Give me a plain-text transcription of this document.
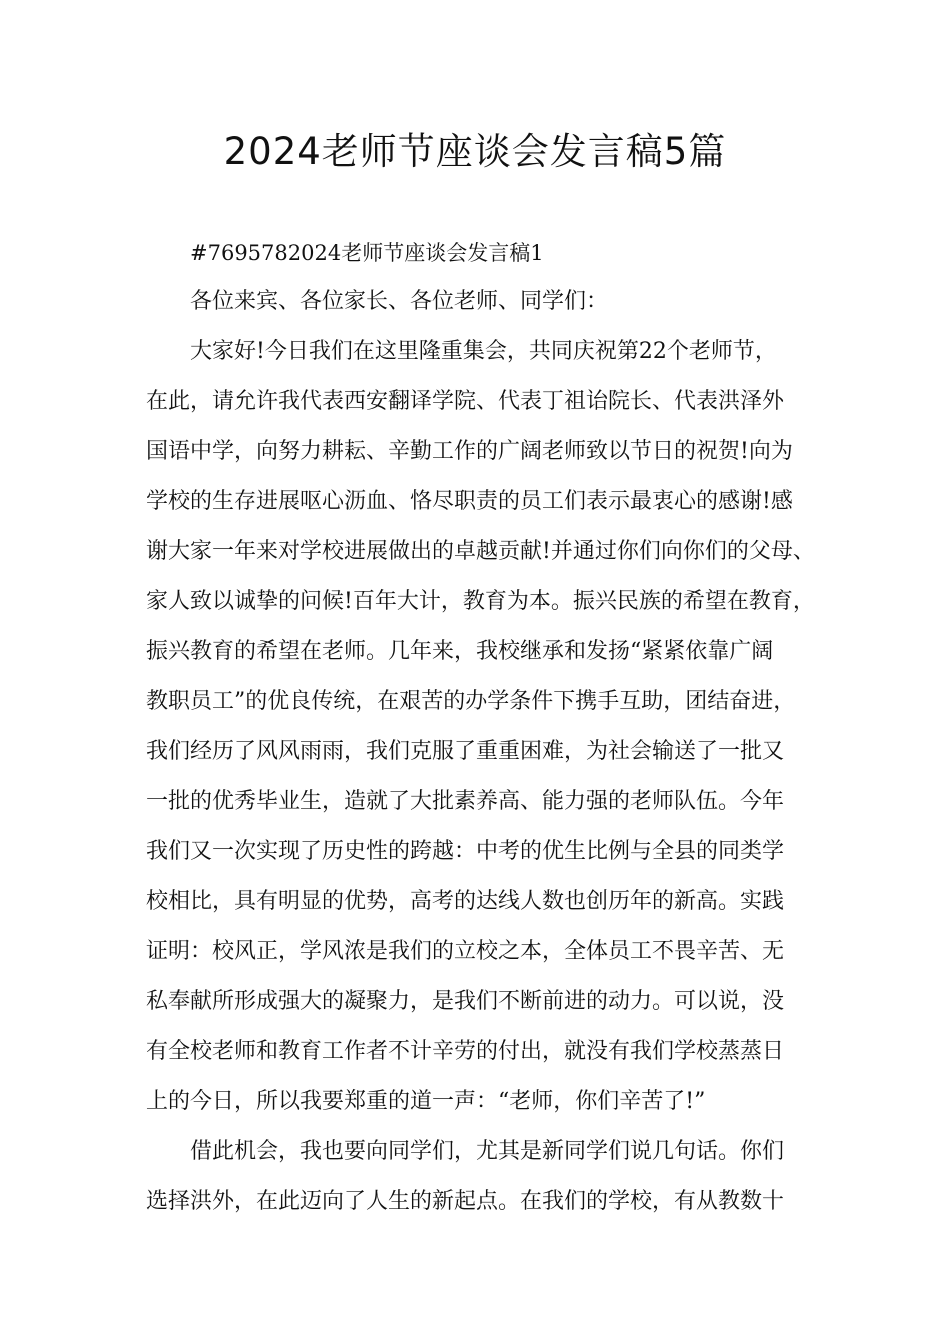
2024老师节座谈会发言稿5篇
#7695782024老师节座谈会发言稿1
各位来宾、各位家长、各位老师、同学们：
大家好!今日我们在这里隆重集会，共同庆祝第22个老师节，
在此，请允许我代表西安翻译学院、代表丁祖诒院长、代表洪泽外
国语中学，向努力耕耘、辛勤工作的广阔老师致以节日的祝贺!向为
学校的生存进展呕心沥血、恪尽职责的员工们表示最衷心的感谢!感
谢大家一年来对学校进展做出的卓越贡献!并通过你们向你们的父母、
家人致以诚挚的问候!百年大计，教育为本。振兴民族的希望在教育，
振兴教育的希望在老师。几年来，我校继承和发扬“紧紧依靠广阔
教职员工”的优良传统，在艰苦的办学条件下携手互助，团结奋进，
我们经历了风风雨雨，我们克服了重重困难，为社会输送了一批又
一批的优秀毕业生，造就了大批素养高、能力强的老师队伍。今年
我们又一次实现了历史性的跨越：中考的优生比例与全县的同类学
校相比，具有明显的优势，高考的达线人数也创历年的新高。实践
证明：校风正，学风浓是我们的立校之本，全体员工不畏辛苦、无
私奉献所形成强大的凝聚力，是我们不断前进的动力。可以说，没
有全校老师和教育工作者不计辛劳的付出，就没有我们学校蒸蒸日
上的今日，所以我要郑重的道一声：“老师，你们辛苦了!”
借此机会，我也要向同学们，尤其是新同学们说几句话。你们
选择洪外，在此迈向了人生的新起点。在我们的学校，有从教数十
